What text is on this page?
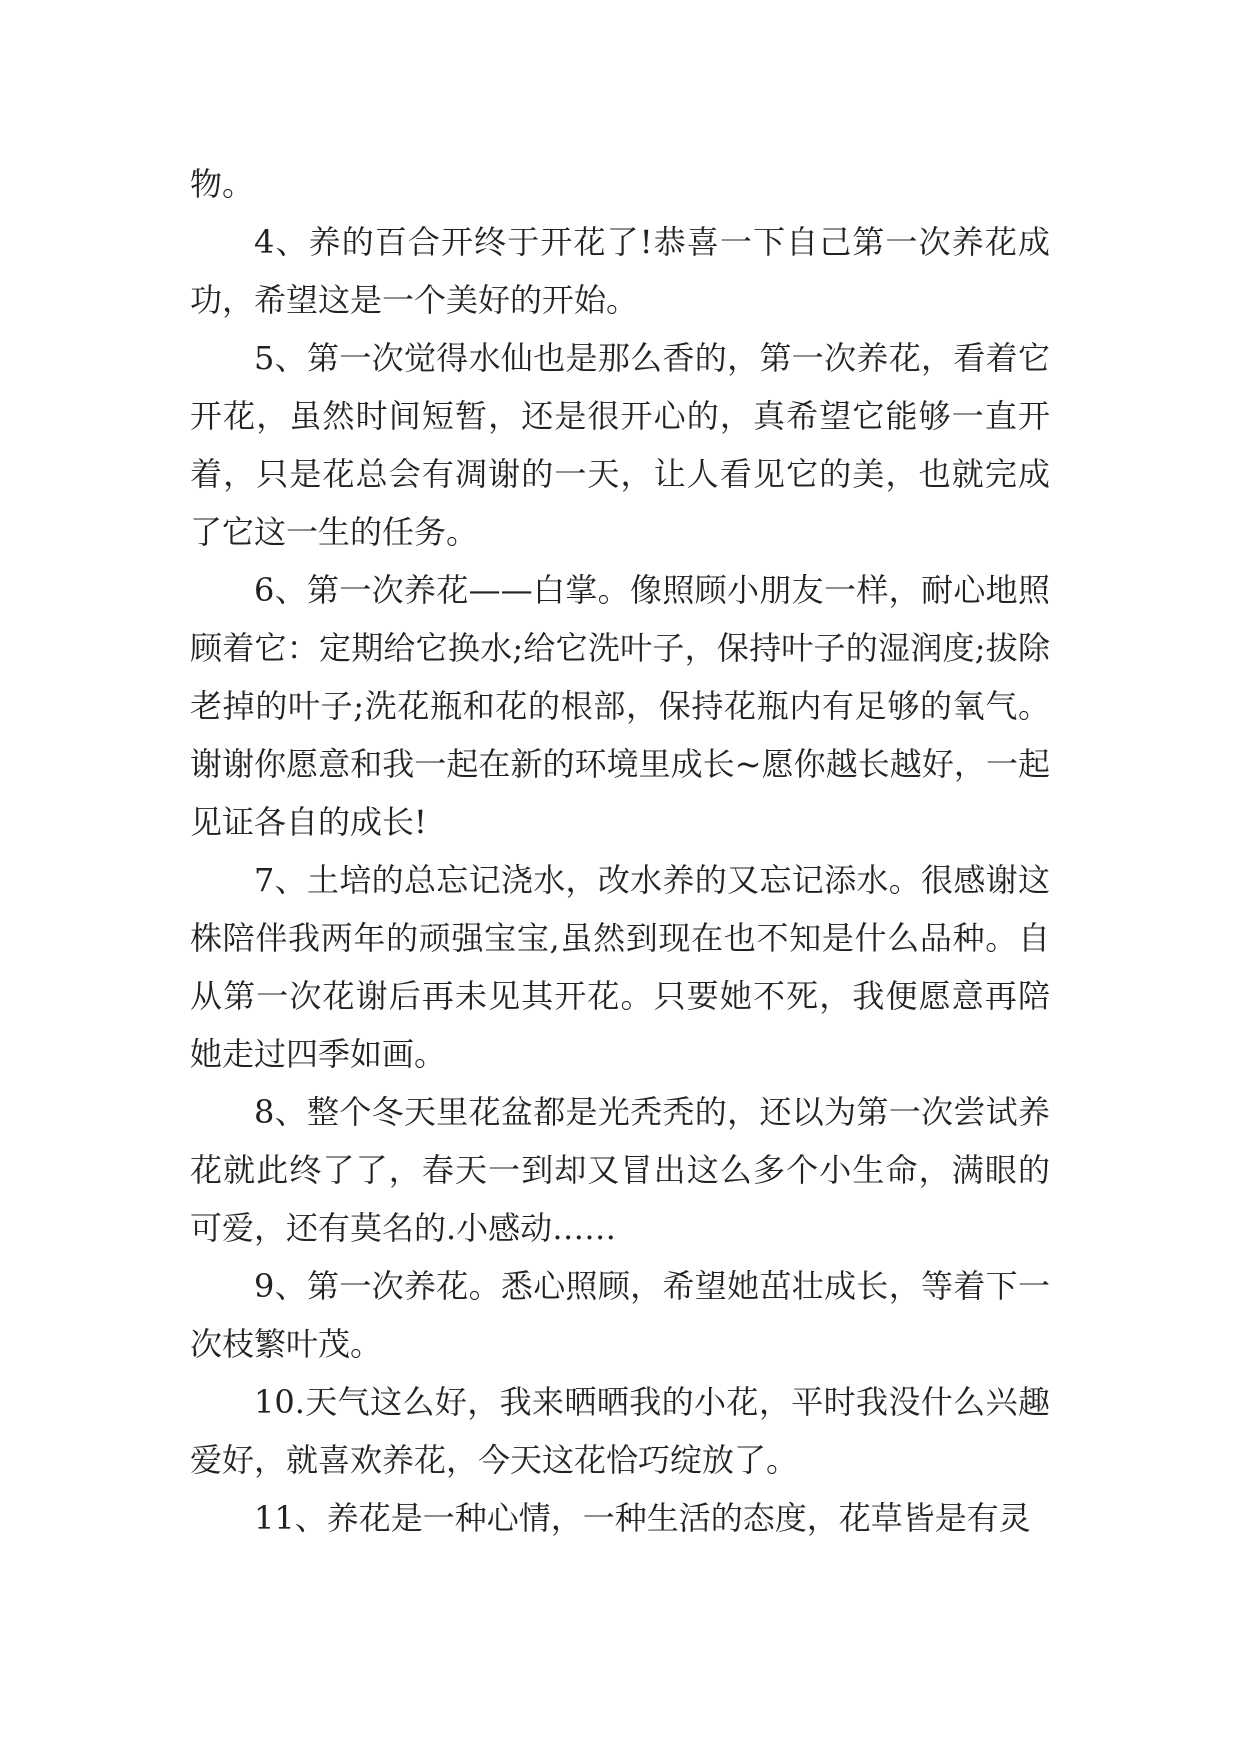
物。

4、养的百合开终于开花了!恭喜一下自己第一次养花成功，希望这是一个美好的开始。

5、第一次觉得水仙也是那么香的，第一次养花，看着它开花，虽然时间短暂，还是很开心的，真希望它能够一直开着，只是花总会有凋谢的一天，让人看见它的美，也就完成了它这一生的任务。

6、第一次养花——白掌。像照顾小朋友一样，耐心地照顾着它：定期给它换水;给它洗叶子，保持叶子的湿润度;拔除老掉的叶子;洗花瓶和花的根部，保持花瓶内有足够的氧气。谢谢你愿意和我一起在新的环境里成长~愿你越长越好，一起见证各自的成长!

7、土培的总忘记浇水，改水养的又忘记添水。很感谢这株陪伴我两年的顽强宝宝,虽然到现在也不知是什么品种。自从第一次花谢后再未见其开花。只要她不死，我便愿意再陪她走过四季如画。

8、整个冬天里花盆都是光秃秃的，还以为第一次尝试养花就此终了了，春天一到却又冒出这么多个小生命，满眼的可爱，还有莫名的.小感动……

9、第一次养花。悉心照顾，希望她茁壮成长，等着下一次枝繁叶茂。

10.天气这么好，我来晒晒我的小花，平时我没什么兴趣爱好，就喜欢养花，今天这花恰巧绽放了。

11、养花是一种心情，一种生活的态度，花草皆是有灵
